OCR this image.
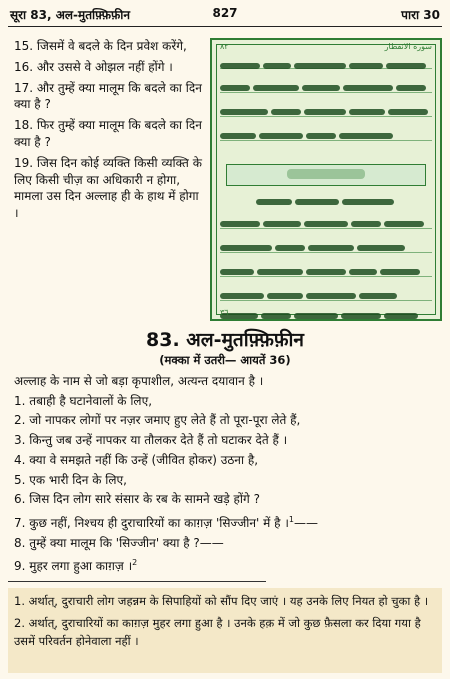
सूरा 83, अल-मुतफ़्फ़िफ़ीन	827	पारा 30

15. जिसमें वे बदले के दिन प्रवेश करेंगे,

16. और उससे वे ओझल नहीं होंगे ।

17. और तुम्हें क्या मालूम कि बदले का दिन क्या है ?

18. फिर तुम्हें क्या मालूम कि बदले का दिन क्या है ?

19. जिस दिन कोई व्यक्ति किसी व्यक्ति के लिए किसी चीज़ का अधिकारी न होगा, मामला उस दिन अल्लाह ही के हाथ में होगा ।

سورة الانفطار
٨٢
٣٦
83. अल-मुतफ़्फ़िफ़ीन
(मक्का में उतरी— आयतें 36)

अल्लाह के नाम से जो बड़ा कृपाशील, अत्यन्त दयावान है ।

1. तबाही है घटानेवालों के लिए,

2. जो नापकर लोगों पर नज़र जमाए हुए लेते हैं तो पूरा-पूरा लेते हैं,

3. किन्तु जब उन्हें नापकर या तौलकर देते हैं तो घटाकर देते हैं ।

4. क्या वे समझते नहीं कि उन्हें (जीवित होकर) उठना है,

5. एक भारी दिन के लिए,

6. जिस दिन लोग सारे संसार के रब के सामने खड़े होंगे ?

7. कुछ नहीं, निश्चय ही दुराचारियों का काग़ज़ 'सिज्जीन' में है ।$^1$——

8. तुम्हें क्या मालूम कि 'सिज्जीन' क्या है ?——

9. मुहर लगा हुआ काग़ज़ ।$^2$

1. अर्थात्, दुराचारी लोग जहन्नम के सिपाहियों को सौंप दिए जाएं । यह उनके लिए नियत हो चुका है ।

2. अर्थात्, दुराचारियों का काग़ज़ मुहर लगा हुआ है । उनके हक़ में जो कुछ फ़ैसला कर दिया गया है उसमें परिवर्तन होनेवाला नहीं ।
